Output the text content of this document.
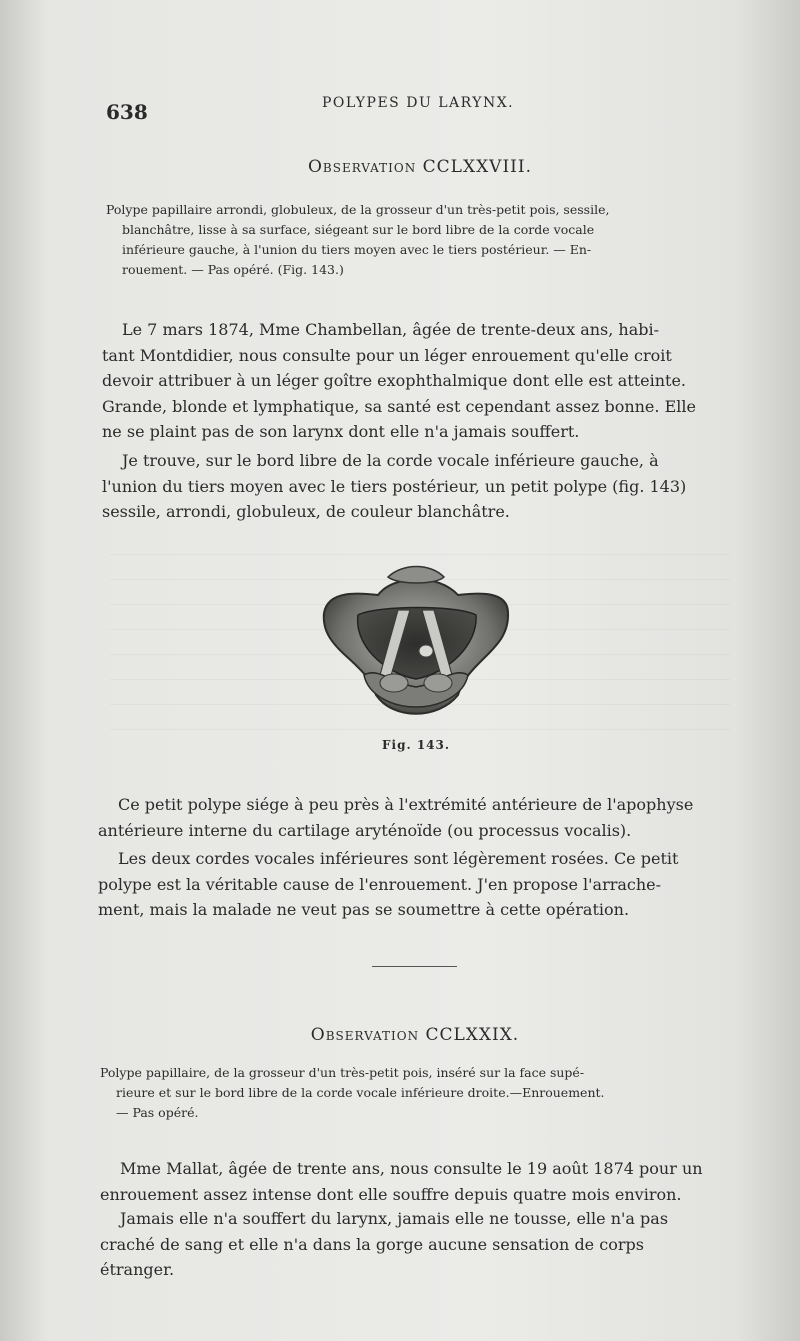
638	POLYPES DU LARYNX.
Observation CCLXXVIII.
Polype papillaire arrondi, globuleux, de la grosseur d'un très-petit pois, sessile,
blanchâtre, lisse à sa surface, siégeant sur le bord libre de la corde vocale
inférieure gauche, à l'union du tiers moyen avec le tiers postérieur. — En-
rouement. — Pas opéré. (Fig. 143.)
Le 7 mars 1874, Mme Chambellan, âgée de trente-deux ans, habi-
tant Montdidier, nous consulte pour un léger enrouement qu'elle croit
devoir attribuer à un léger goître exophthalmique dont elle est atteinte.
Grande, blonde et lymphatique, sa santé est cependant assez bonne. Elle
ne se plaint pas de son larynx dont elle n'a jamais souffert.
Je trouve, sur le bord libre de la corde vocale inférieure gauche, à
l'union du tiers moyen avec le tiers postérieur, un petit polype (fig. 143)
sessile, arrondi, globuleux, de couleur blanchâtre.
Fig. 143.
Ce petit polype siége à peu près à l'extrémité antérieure de l'apophyse
antérieure interne du cartilage aryténoïde (ou processus vocalis).
Les deux cordes vocales inférieures sont légèrement rosées. Ce petit
polype est la véritable cause de l'enrouement. J'en propose l'arrache-
ment, mais la malade ne veut pas se soumettre à cette opération.
Observation CCLXXIX.
Polype papillaire, de la grosseur d'un très-petit pois, inséré sur la face supé-
rieure et sur le bord libre de la corde vocale inférieure droite.—Enrouement.
— Pas opéré.
Mme Mallat, âgée de trente ans, nous consulte le 19 août 1874 pour un
enrouement assez intense dont elle souffre depuis quatre mois environ.
Jamais elle n'a souffert du larynx, jamais elle ne tousse, elle n'a pas
craché de sang et elle n'a dans la gorge aucune sensation de corps
étranger.
